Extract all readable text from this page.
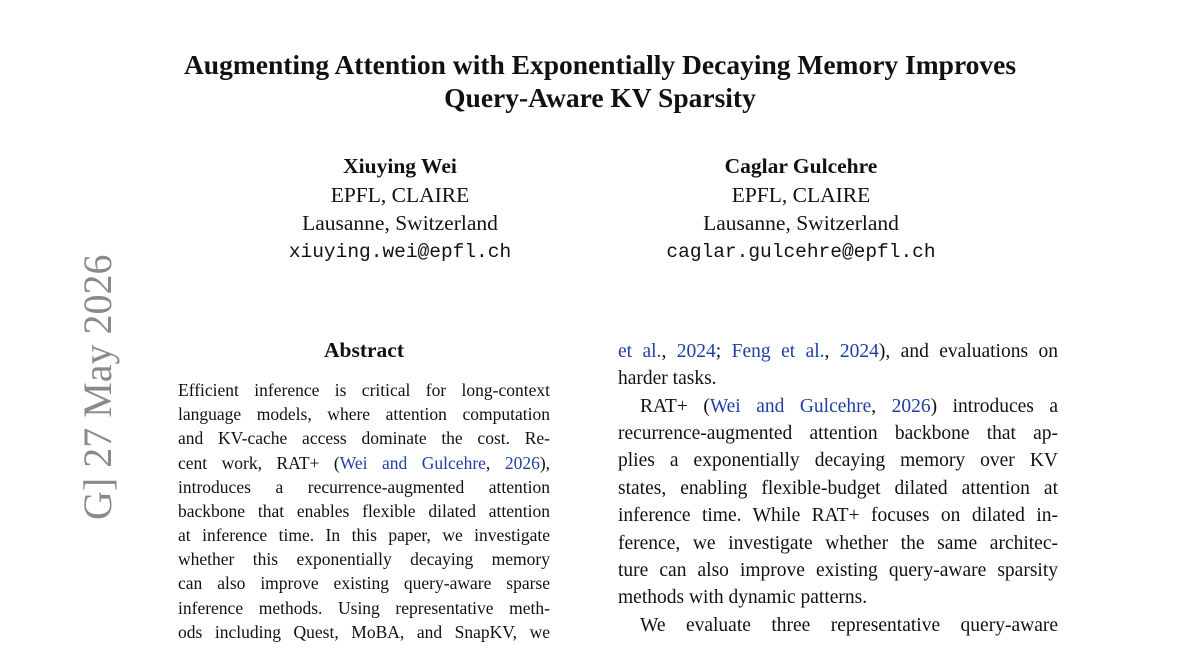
Augmenting Attention with Exponentially Decaying Memory Improves
Query-Aware KV Sparsity
Xiuying Wei
EPFL, CLAIRE
Lausanne, Switzerland
xiuying.wei@epfl.ch
Caglar Gulcehre
EPFL, CLAIRE
Lausanne, Switzerland
caglar.gulcehre@epfl.ch
G] 27 May 2026	Abstract
Efficient inference is critical for long-context
language models, where attention computation
and KV-cache access dominate the cost. Re-
cent work, RAT+ (Wei and Gulcehre, 2026),
introduces a recurrence-augmented attention
backbone that enables flexible dilated attention
at inference time. In this paper, we investigate
whether this exponentially decaying memory
can also improve existing query-aware sparse
inference methods. Using representative meth-
ods including Quest, MoBA, and SnapKV, we
et al., 2024; Feng et al., 2024), and evaluations on
harder tasks.
RAT+ (Wei and Gulcehre, 2026) introduces a
recurrence-augmented attention backbone that ap-
plies a exponentially decaying memory over KV
states, enabling flexible-budget dilated attention at
inference time. While RAT+ focuses on dilated in-
ference, we investigate whether the same architec-
ture can also improve existing query-aware sparsity
methods with dynamic patterns.
We evaluate three representative query-aware
